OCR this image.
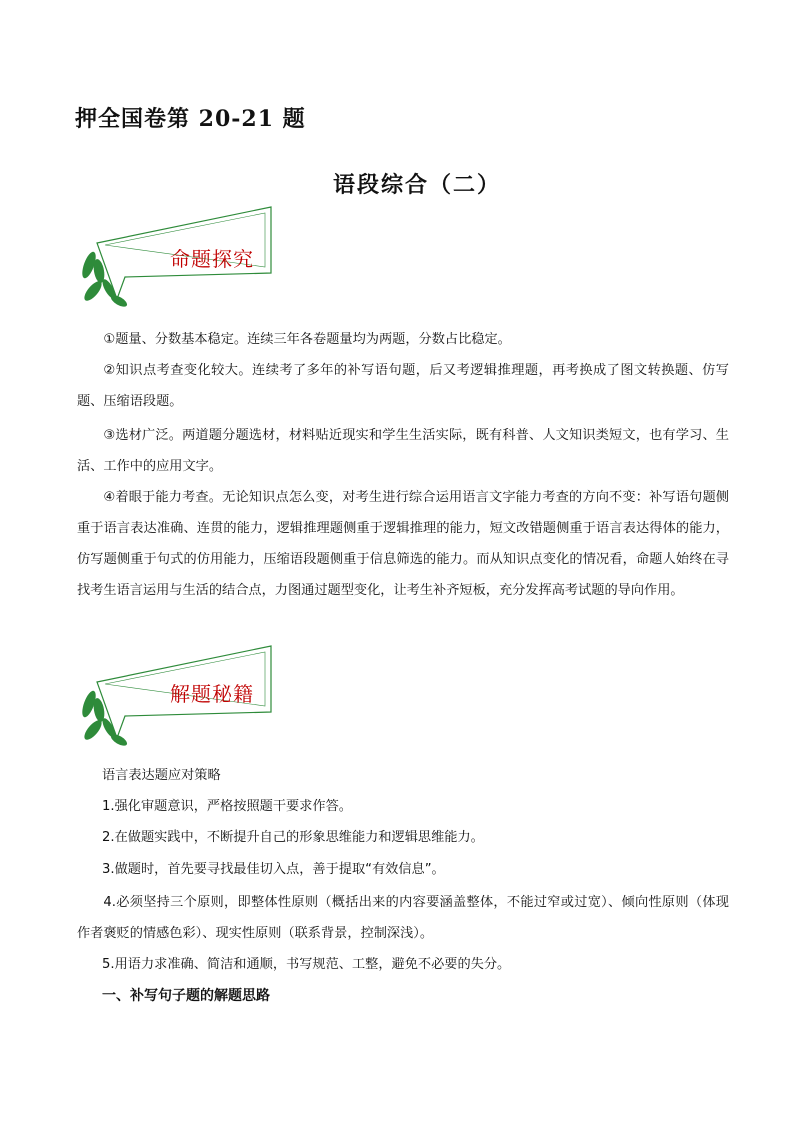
押全国卷第 20-21 题
语段综合（二）
命题探究
①题量、分数基本稳定。连续三年各卷题量均为两题，分数占比稳定。
②知识点考查变化较大。连续考了多年的补写语句题，后又考逻辑推理题，再考换成了图文转换题、仿写题、压缩语段题。
③选材广泛。两道题分题选材，材料贴近现实和学生生活实际，既有科普、人文知识类短文，也有学习、生活、工作中的应用文字。
④着眼于能力考查。无论知识点怎么变，对考生进行综合运用语言文字能力考查的方向不变：补写语句题侧重于语言表达准确、连贯的能力，逻辑推理题侧重于逻辑推理的能力，短文改错题侧重于语言表达得体的能力，仿写题侧重于句式的仿用能力，压缩语段题侧重于信息筛选的能力。而从知识点变化的情况看，命题人始终在寻找考生语言运用与生活的结合点，力图通过题型变化，让考生补齐短板，充分发挥高考试题的导向作用。
解题秘籍
语言表达题应对策略
1.强化审题意识，严格按照题干要求作答。
2.在做题实践中，不断提升自己的形象思维能力和逻辑思维能力。
3.做题时，首先要寻找最佳切入点，善于提取“有效信息”。
4.必须坚持三个原则，即整体性原则（概括出来的内容要涵盖整体，不能过窄或过宽）、倾向性原则（体现作者褒贬的情感色彩）、现实性原则（联系背景，控制深浅）。
5.用语力求准确、简洁和通顺，书写规范、工整，避免不必要的失分。
一、补写句子题的解题思路
